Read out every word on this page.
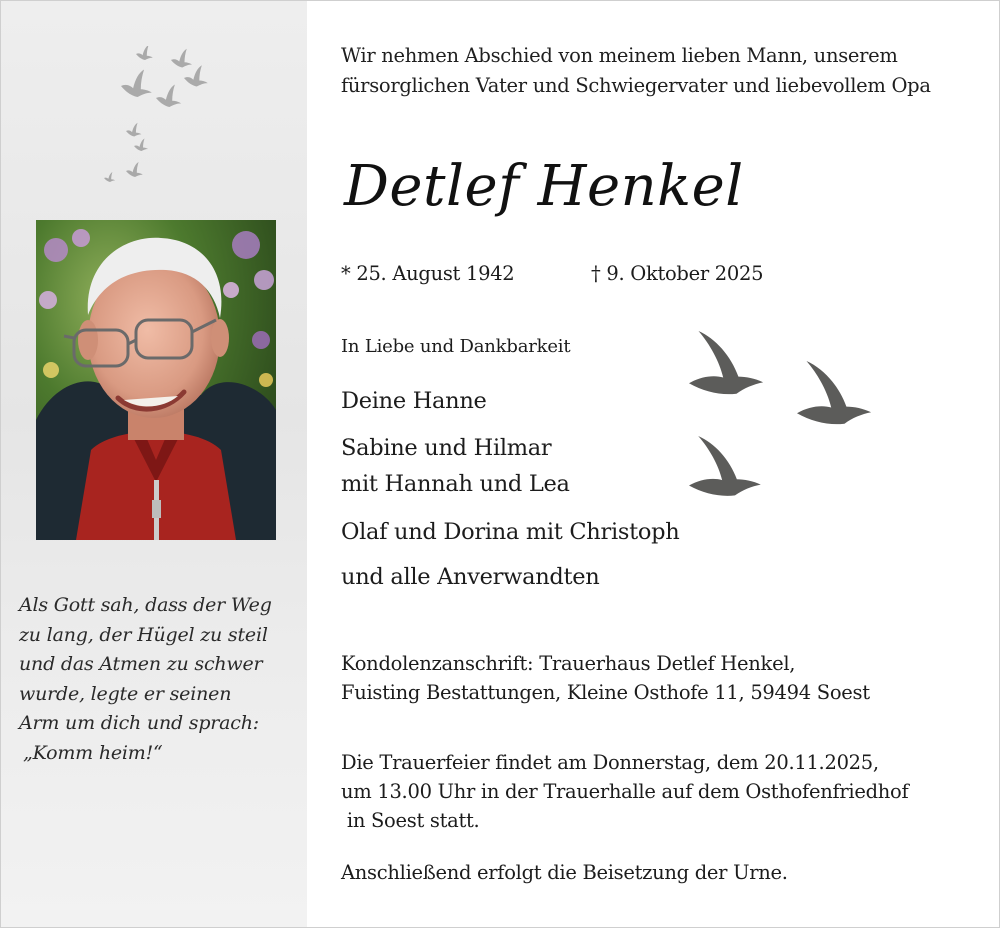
Als Gott sah, dass der Weg
zu lang, der Hügel zu steil
und das Atmen zu schwer
wurde, legte er seinen
Arm um dich und sprach:
„Komm heim!“
Wir nehmen Abschied von meinem lieben Mann, unserem
fürsorglichen Vater und Schwiegervater und liebevollem Opa
Detlef Henkel
* 25. August 1942	† 9. Oktober 2025
In Liebe und Dankbarkeit
Deine Hanne
Sabine und Hilmar
mit Hannah und Lea
Olaf und Dorina mit Christoph
und alle Anverwandten
Kondolenzanschrift: Trauerhaus Detlef Henkel,
Fuisting Bestattungen, Kleine Osthofe 11, 59494 Soest
Die Trauerfeier findet am Donnerstag, dem 20.11.2025,
um 13.00 Uhr in der Trauerhalle auf dem Osthofenfriedhof
in Soest statt.
Anschließend erfolgt die Beisetzung der Urne.
